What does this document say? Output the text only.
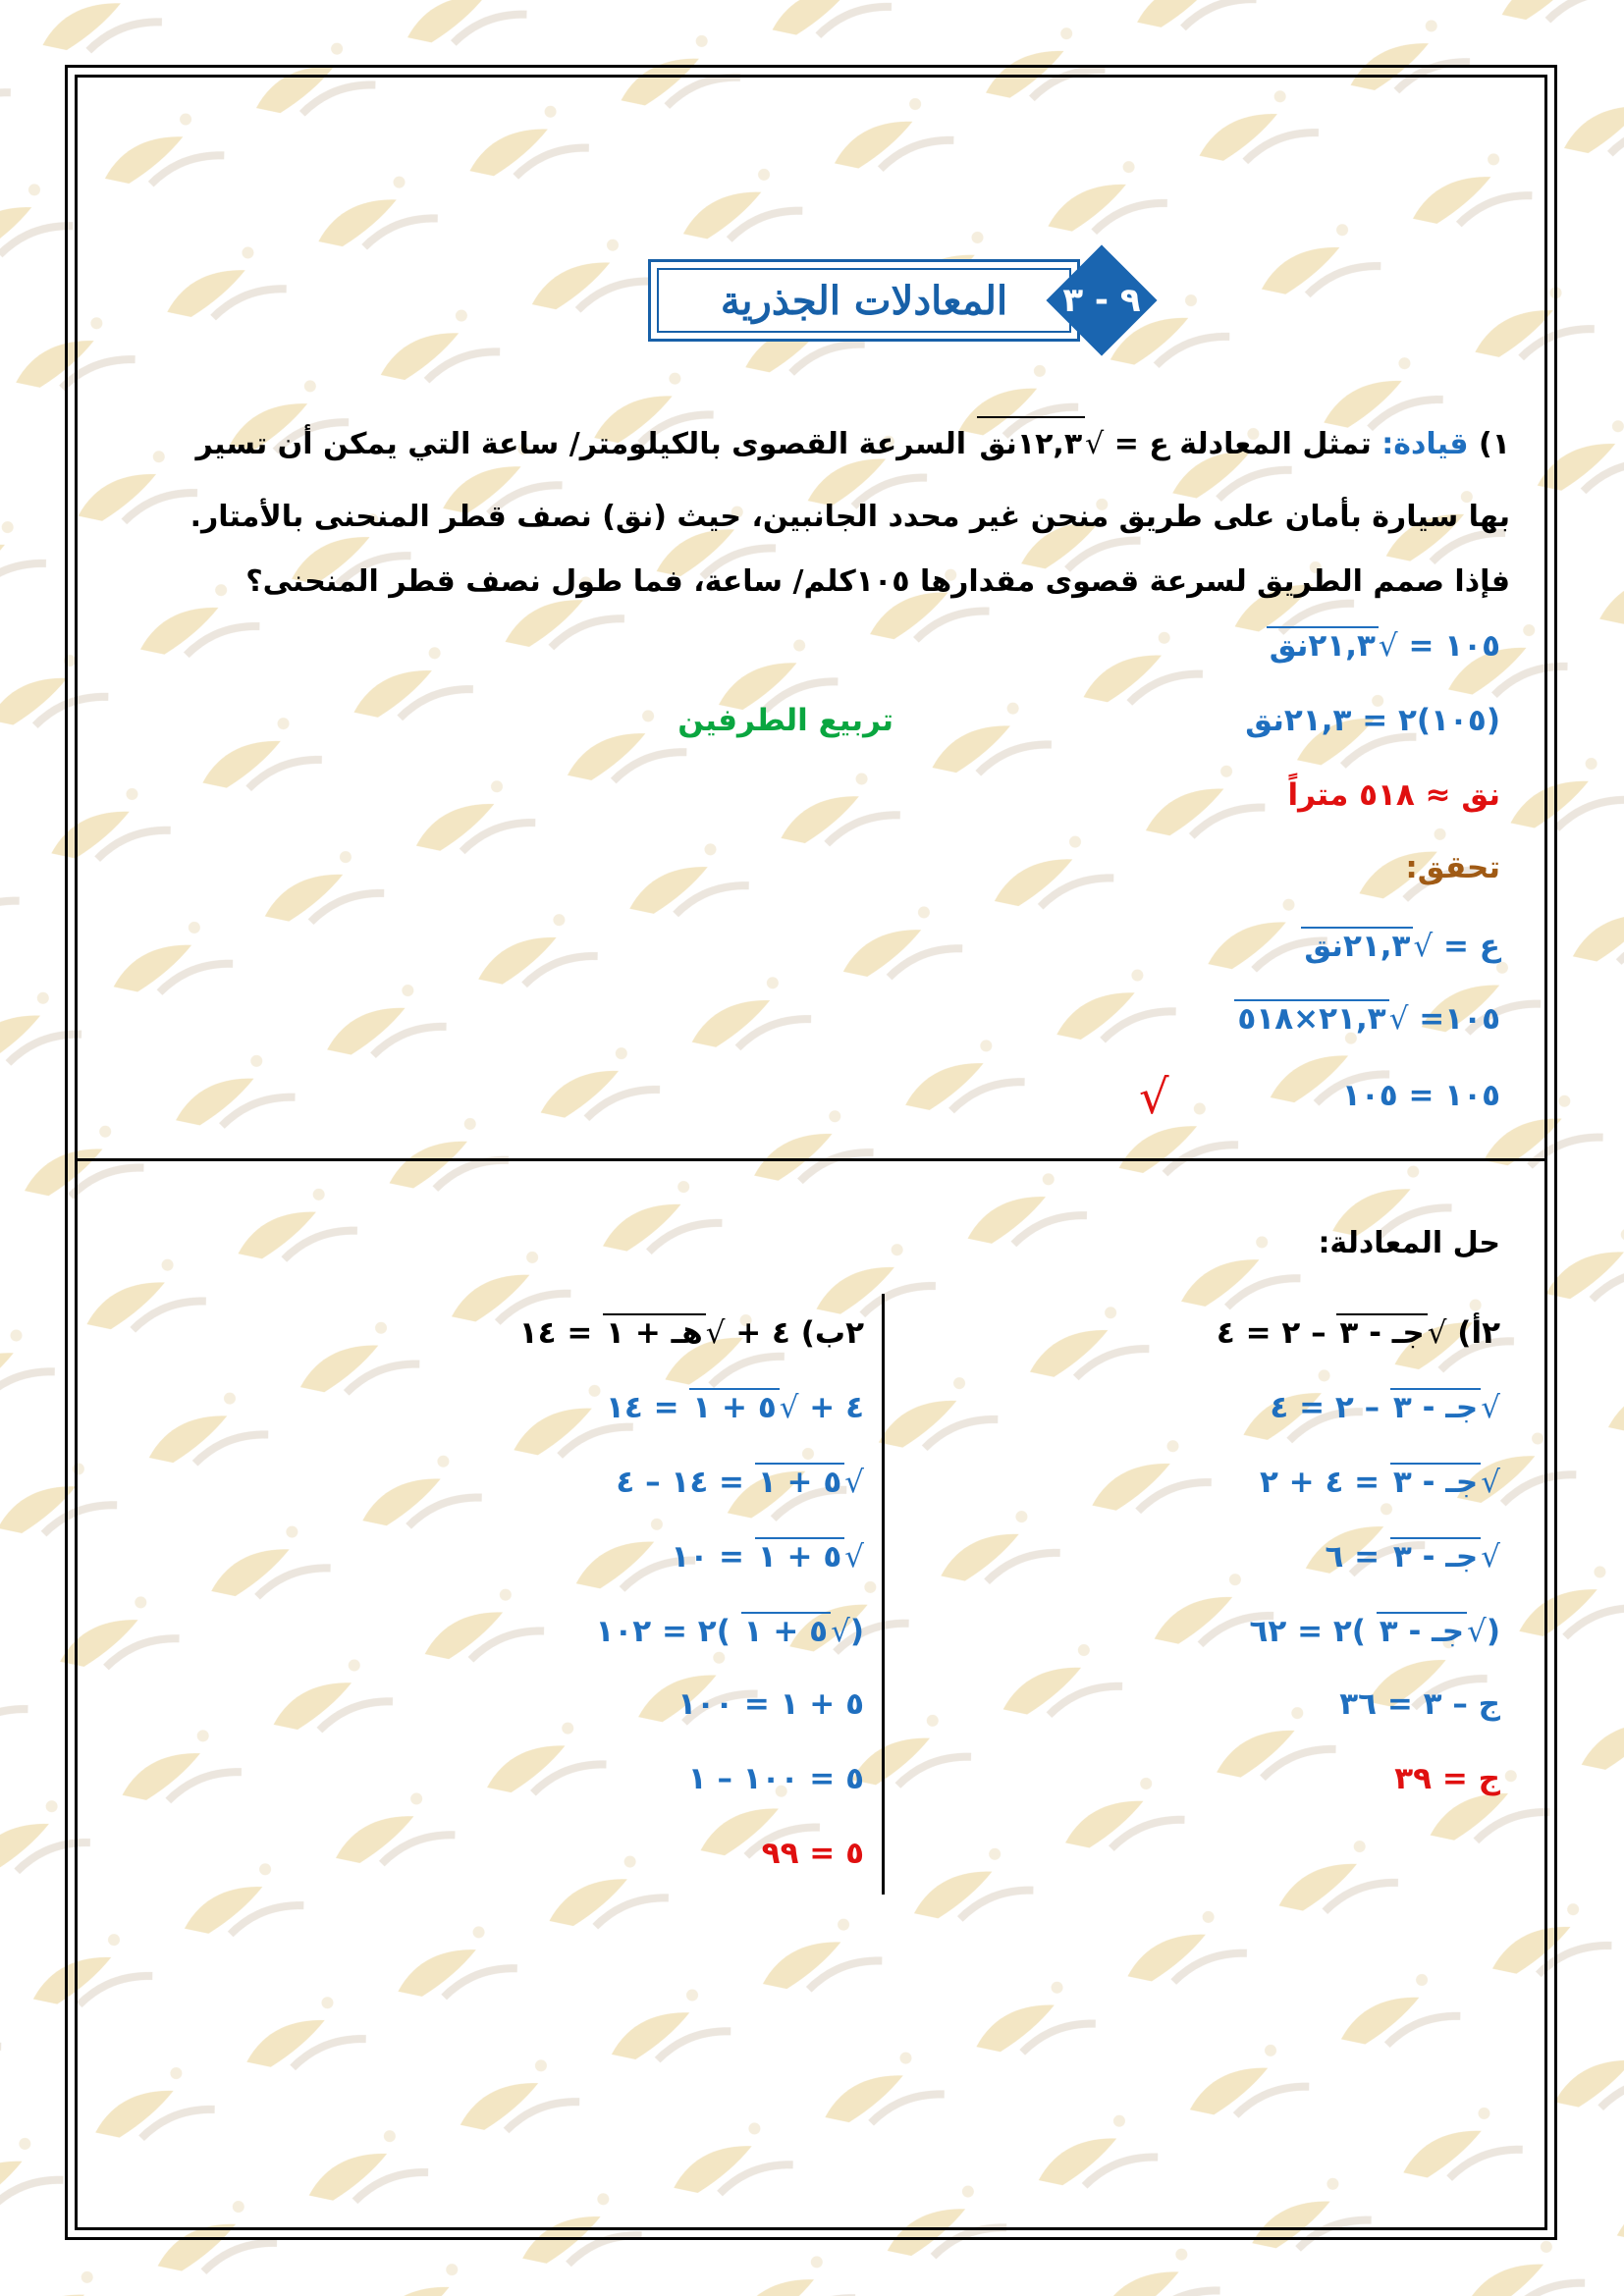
المعادلات الجذرية	٩ - ٣
١) قيادة: تمثل المعادلة ع = √١٢,٣نق السرعة القصوى بالكيلومتر/ ساعة التي يمكن أن تسير
بها سيارة بأمان على طريق منحن غير محدد الجانبين، حيث (نق) نصف قطر المنحنى بالأمتار.
فإذا صمم الطريق لسرعة قصوى مقدارها ١٠٥كلم/ ساعة، فما طول نصف قطر المنحنى؟
١٠٥ = √٢١,٣نق
(١٠٥)٢ = ٢١,٣نق
تربيع الطرفين
نق ≈ ٥١٨ متراً
تحقق:
ع = √٢١,٣نق
١٠٥= √٢١,٣×٥١٨
١٠٥ = ١٠٥
√
حل المعادلة:
٢أ) √جـ - ٣ – ٢ = ٤
√جـ - ٣ – ٢ = ٤
√جـ - ٣ = ٤ + ٢
√جـ - ٣ = ٦
(√جـ - ٣ )٢ = ٦٢
ج – ٣ = ٣٦
ج = ٣٩
٢ب) ٤ + √هـ + ١ = ١٤
٤ + √٥ + ١ = ١٤
√٥ + ١ = ١٤ – ٤
√٥ + ١ = ١٠
(√٥ + ١ )٢ = ١٠٢
٥ + ١ = ١٠٠
٥ = ١٠٠ – ١
٥ = ٩٩
